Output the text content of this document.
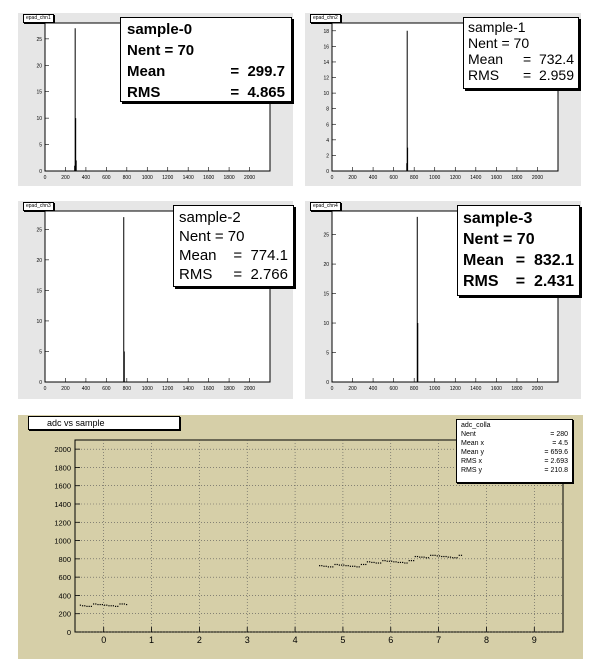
epad_chn1
0	200 400 600 800 1000 1200 1400 1600 1800 2000
0
5
10
15
20
25
sample-0
Nent = 70
Mean	=  299.7
RMS	=  4.865
epad_chn2
0	200 400 600 800 1000 1200 1400 1600 1800 2000
0
2
4
6
8
10
12
14
16
18	sample-1
Nent = 70
Mean =  732.4
RMS =  2.959
epad_chn3
0	200 400 600 800 1000 1200 1400 1600 1800 2000
0
5
10
15
20
25
sample-2
Nent = 70
Mean =  774.1
RMS =  2.766
epad_chn4
0	200 400 600 800 1000 1200 1400 1600 1800 2000
0
5
10
15
20
25
sample-3
Nent = 70
Mean =  832.1
RMS =  2.431
adc vs sample
0	1	2	3	4	5	6	7	8	9
0
200
400
600
800
1000
1200
1400
1600
1800
2000
adc_colla
Nent	= 280
Mean x	= 4.5
Mean y	= 659.6
RMS x	= 2.693
RMS y	= 210.8
